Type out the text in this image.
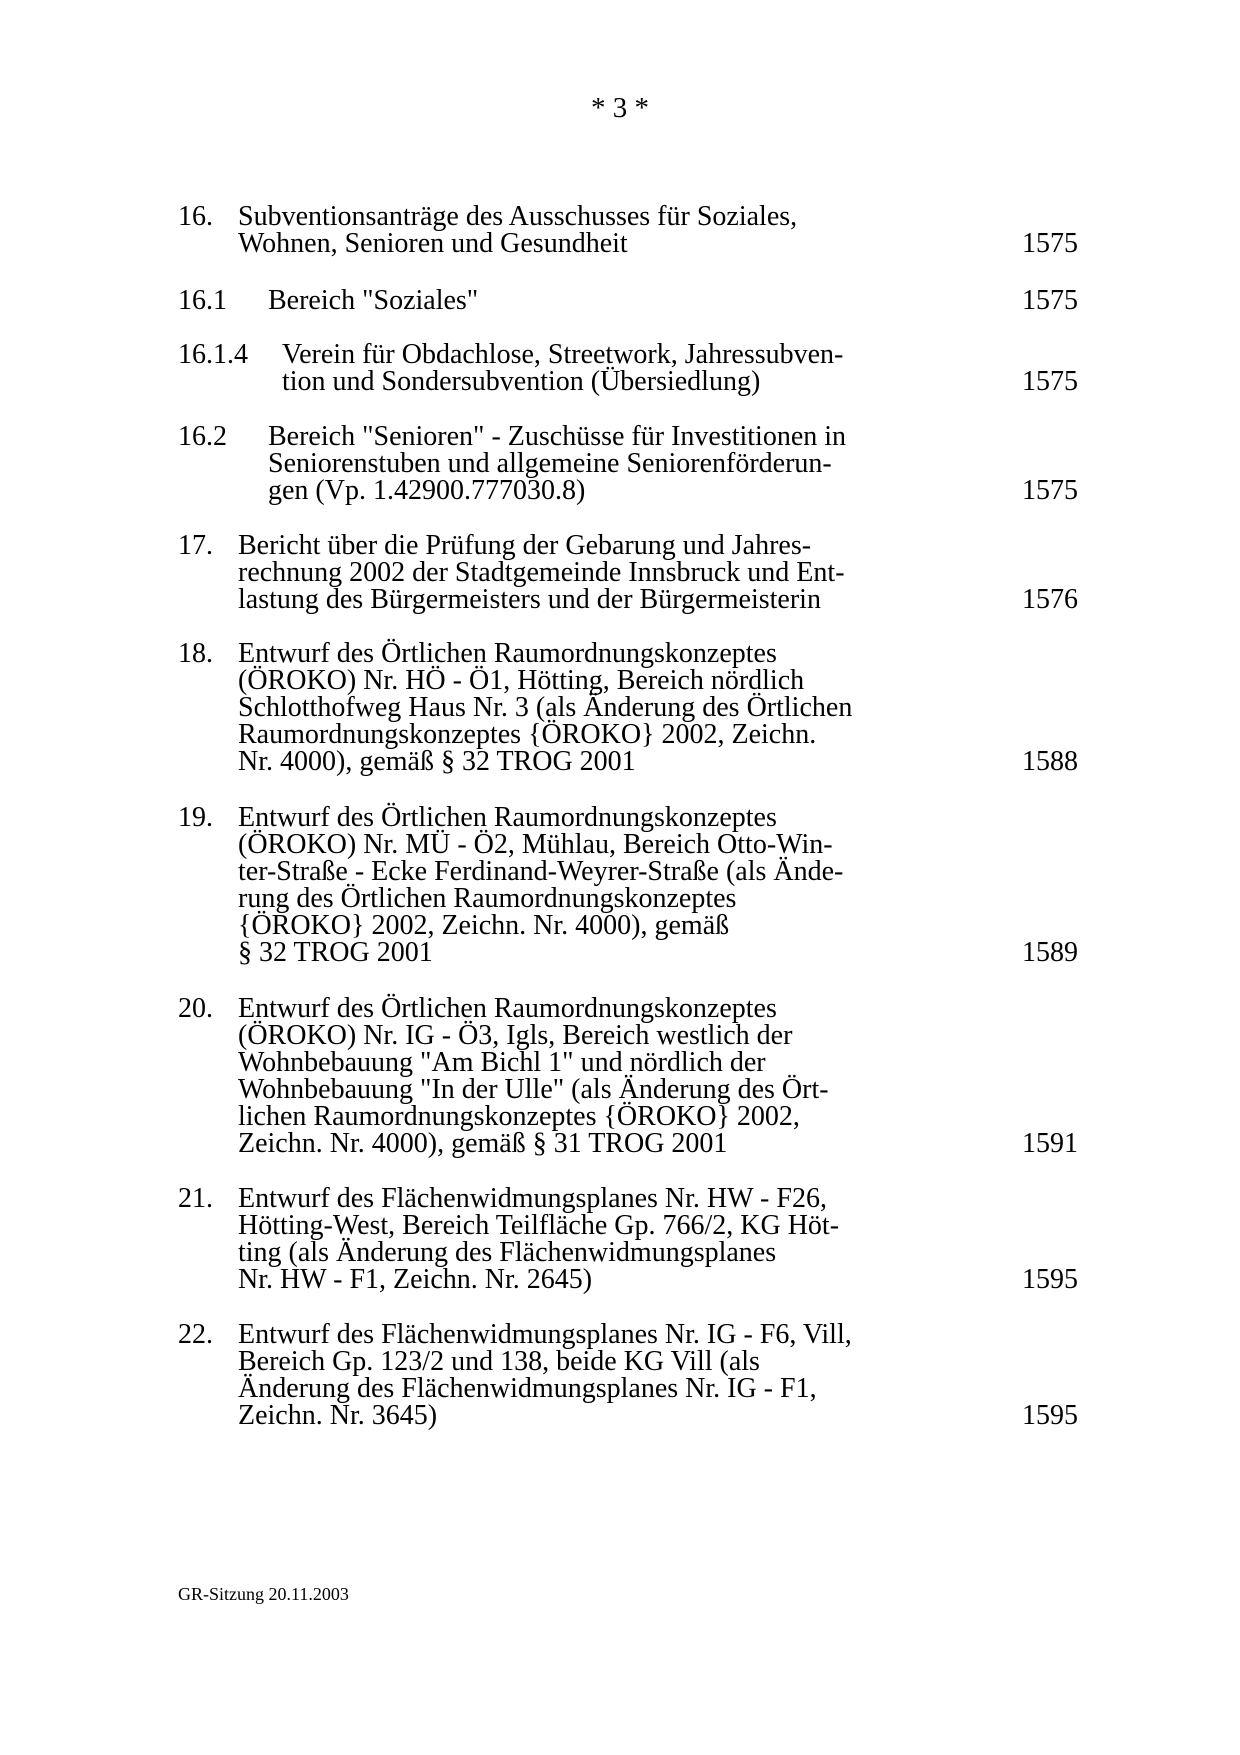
* 3 *
16. Subventionsanträge des Ausschusses für Soziales,
Wohnen, Senioren und Gesundheit	1575
16.1 Bereich "Soziales"	1575
16.1.4 Verein für Obdachlose, Streetwork, Jahressubven-
tion und Sondersubvention (Übersiedlung)	1575
16.2 Bereich "Senioren" - Zuschüsse für Investitionen in
Seniorenstuben und allgemeine Seniorenförderun-
gen (Vp. 1.42900.777030.8)	1575
17. Bericht über die Prüfung der Gebarung und Jahres-
rechnung 2002 der Stadtgemeinde Innsbruck und Ent-
lastung des Bürgermeisters und der Bürgermeisterin	1576
18. Entwurf des Örtlichen Raumordnungskonzeptes
(ÖROKO) Nr. HÖ - Ö1, Hötting, Bereich nördlich
Schlotthofweg Haus Nr. 3 (als Änderung des Örtlichen
Raumordnungskonzeptes {ÖROKO} 2002, Zeichn.
Nr. 4000), gemäß § 32 TROG 2001	1588
19. Entwurf des Örtlichen Raumordnungskonzeptes
(ÖROKO) Nr. MÜ - Ö2, Mühlau, Bereich Otto-Win-
ter-Straße - Ecke Ferdinand-Weyrer-Straße (als Ände-
rung des Örtlichen Raumordnungskonzeptes
{ÖROKO} 2002, Zeichn. Nr. 4000), gemäß
§ 32 TROG 2001	1589
20. Entwurf des Örtlichen Raumordnungskonzeptes
(ÖROKO) Nr. IG - Ö3, Igls, Bereich westlich der
Wohnbebauung "Am Bichl 1" und nördlich der
Wohnbebauung "In der Ulle" (als Änderung des Ört-
lichen Raumordnungskonzeptes {ÖROKO} 2002,
Zeichn. Nr. 4000), gemäß § 31 TROG 2001	1591
21. Entwurf des Flächenwidmungsplanes Nr. HW - F26,
Hötting-West, Bereich Teilfläche Gp. 766/2, KG Höt-
ting (als Änderung des Flächenwidmungsplanes
Nr. HW - F1, Zeichn. Nr. 2645)	1595
22. Entwurf des Flächenwidmungsplanes Nr. IG - F6, Vill,
Bereich Gp. 123/2 und 138, beide KG Vill (als
Änderung des Flächenwidmungsplanes Nr. IG - F1,
Zeichn. Nr. 3645)	1595
GR-Sitzung 20.11.2003
